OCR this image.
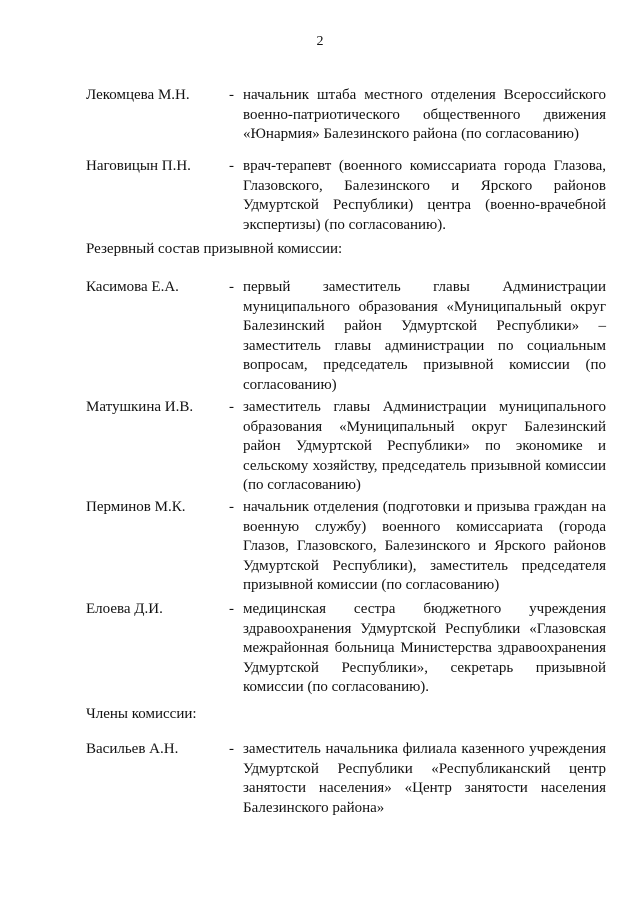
2
Лекомцева М.Н.	- начальник штаба местного отделения Всероссийского военно-патриотического общественного движения «Юнармия» Балезинского района (по согласованию)
Наговицын П.Н.	- врач-терапевт (военного комиссариата города Глазова, Глазовского, Балезинского и Ярского районов Удмуртской Республики) центра (военно-врачебной экспертизы) (по согласованию).
Резервный состав призывной комиссии:
Касимова Е.А.	- первый заместитель главы Администрации муниципального образования «Муниципальный округ Балезинский район Удмуртской Республики» – заместитель главы администрации по социальным вопросам, председатель призывной комиссии (по согласованию)
Матушкина И.В. - заместитель главы Администрации муниципального образования «Муниципальный округ Балезинский район Удмуртской Республики» по экономике и сельскому хозяйству, председатель призывной комиссии (по согласованию)
Перминов М.К.	- начальник отделения (подготовки и призыва граждан на военную службу) военного комиссариата (города Глазов, Глазовского, Балезинского и Ярского районов Удмуртской Республики), заместитель председателя призывной комиссии (по согласованию)
Елоева Д.И.	- медицинская сестра бюджетного учреждения здравоохранения Удмуртской Республики «Глазовская межрайонная больница Министерства здравоохранения Удмуртской Республики», секретарь призывной комиссии (по согласованию).
Члены комиссии:
Васильев А.Н.	- заместитель начальника филиала казенного учреждения Удмуртской Республики «Республиканский центр занятости населения» «Центр занятости населения Балезинского района»
